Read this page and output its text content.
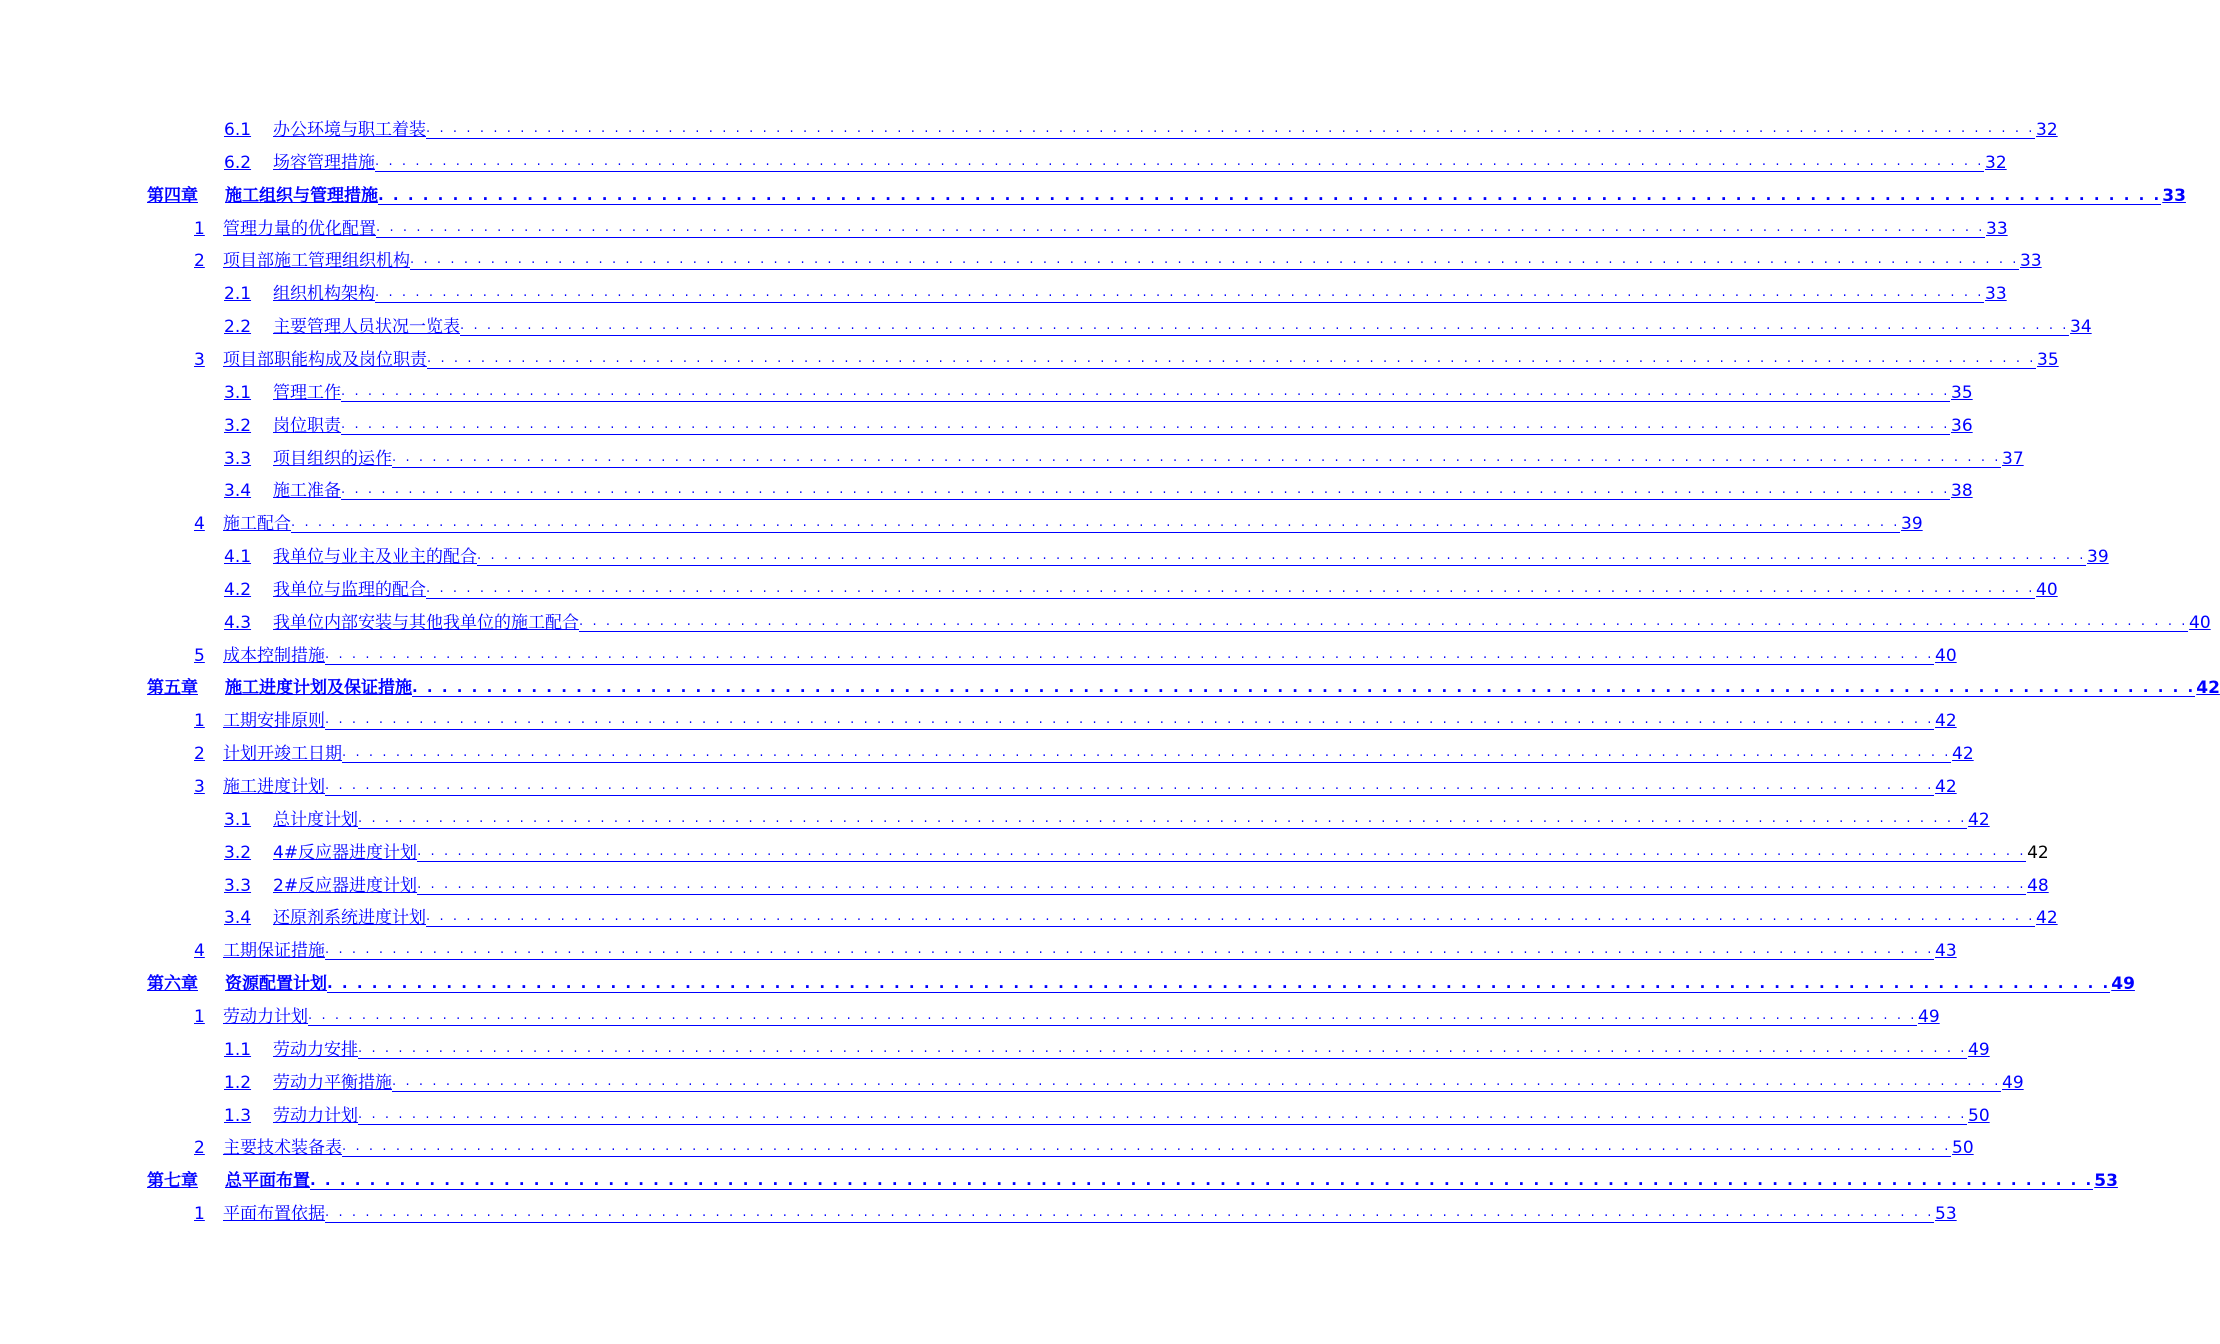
6.1	办公环境与职工着装 . . . . . . . . . . . . . . . . . . . . . . . . . . . . . . . . . . . . . . . . . . . . . . . . . . . . . . . . . . . . . . . . . . . . . . . . . . . . . . . . . . . . . . . . . . . . . . . . . . . . . . . . . . . . . . . . . . . . . . . . 32
6.2	场容管理措施 . . . . . . . . . . . . . . . . . . . . . . . . . . . . . . . . . . . . . . . . . . . . . . . . . . . . . . . . . . . . . . . . . . . . . . . . . . . . . . . . . . . . . . . . . . . . . . . . . . . . . . . . . . . . . . . . . . . . . . . . 32
第四章	施工组织与管理措施 . . . . . . . . . . . . . . . . . . . . . . . . . . . . . . . . . . . . . . . . . . . . . . . . . . . . . . . . . . . . . . . . . . . . . . . . . . . . . . . . . . . . . . . . . . . . . . . . . . . . . . . . . . . . . . . . . . . . . . . . 33
1	管理力量的优化配置 . . . . . . . . . . . . . . . . . . . . . . . . . . . . . . . . . . . . . . . . . . . . . . . . . . . . . . . . . . . . . . . . . . . . . . . . . . . . . . . . . . . . . . . . . . . . . . . . . . . . . . . . . . . . . . . . . . . . . . . . 33
2	项目部施工管理组织机构 . . . . . . . . . . . . . . . . . . . . . . . . . . . . . . . . . . . . . . . . . . . . . . . . . . . . . . . . . . . . . . . . . . . . . . . . . . . . . . . . . . . . . . . . . . . . . . . . . . . . . . . . . . . . . . . . . . . . . . . . 33
2.1	组织机构架构 . . . . . . . . . . . . . . . . . . . . . . . . . . . . . . . . . . . . . . . . . . . . . . . . . . . . . . . . . . . . . . . . . . . . . . . . . . . . . . . . . . . . . . . . . . . . . . . . . . . . . . . . . . . . . . . . . . . . . . . . 33
2.2	主要管理人员状况一览表 . . . . . . . . . . . . . . . . . . . . . . . . . . . . . . . . . . . . . . . . . . . . . . . . . . . . . . . . . . . . . . . . . . . . . . . . . . . . . . . . . . . . . . . . . . . . . . . . . . . . . . . . . . . . . . . . . . . . . . . . 34
3	项目部职能构成及岗位职责 . . . . . . . . . . . . . . . . . . . . . . . . . . . . . . . . . . . . . . . . . . . . . . . . . . . . . . . . . . . . . . . . . . . . . . . . . . . . . . . . . . . . . . . . . . . . . . . . . . . . . . . . . . . . . . . . . . . . . . . . 35
3.1	管理工作 . . . . . . . . . . . . . . . . . . . . . . . . . . . . . . . . . . . . . . . . . . . . . . . . . . . . . . . . . . . . . . . . . . . . . . . . . . . . . . . . . . . . . . . . . . . . . . . . . . . . . . . . . . . . . . . . . . . . . . . . 35
3.2	岗位职责 . . . . . . . . . . . . . . . . . . . . . . . . . . . . . . . . . . . . . . . . . . . . . . . . . . . . . . . . . . . . . . . . . . . . . . . . . . . . . . . . . . . . . . . . . . . . . . . . . . . . . . . . . . . . . . . . . . . . . . . . 36
3.3	项目组织的运作 . . . . . . . . . . . . . . . . . . . . . . . . . . . . . . . . . . . . . . . . . . . . . . . . . . . . . . . . . . . . . . . . . . . . . . . . . . . . . . . . . . . . . . . . . . . . . . . . . . . . . . . . . . . . . . . . . . . . . . . . 37
3.4	施工准备 . . . . . . . . . . . . . . . . . . . . . . . . . . . . . . . . . . . . . . . . . . . . . . . . . . . . . . . . . . . . . . . . . . . . . . . . . . . . . . . . . . . . . . . . . . . . . . . . . . . . . . . . . . . . . . . . . . . . . . . . 38
4	施工配合 . . . . . . . . . . . . . . . . . . . . . . . . . . . . . . . . . . . . . . . . . . . . . . . . . . . . . . . . . . . . . . . . . . . . . . . . . . . . . . . . . . . . . . . . . . . . . . . . . . . . . . . . . . . . . . . . . . . . . . . . 39
4.1	我单位与业主及业主的配合 . . . . . . . . . . . . . . . . . . . . . . . . . . . . . . . . . . . . . . . . . . . . . . . . . . . . . . . . . . . . . . . . . . . . . . . . . . . . . . . . . . . . . . . . . . . . . . . . . . . . . . . . . . . . . . . . . . . . . . . . 39
4.2	我单位与监理的配合 . . . . . . . . . . . . . . . . . . . . . . . . . . . . . . . . . . . . . . . . . . . . . . . . . . . . . . . . . . . . . . . . . . . . . . . . . . . . . . . . . . . . . . . . . . . . . . . . . . . . . . . . . . . . . . . . . . . . . . . . 40
4.3	我单位内部安装与其他我单位的施工配合 . . . . . . . . . . . . . . . . . . . . . . . . . . . . . . . . . . . . . . . . . . . . . . . . . . . . . . . . . . . . . . . . . . . . . . . . . . . . . . . . . . . . . . . . . . . . . . . . . . . . . . . . . . . . . . . . . . . . . . . . 40
5	成本控制措施 . . . . . . . . . . . . . . . . . . . . . . . . . . . . . . . . . . . . . . . . . . . . . . . . . . . . . . . . . . . . . . . . . . . . . . . . . . . . . . . . . . . . . . . . . . . . . . . . . . . . . . . . . . . . . . . . . . . . . . . . 40
第五章	施工进度计划及保证措施 . . . . . . . . . . . . . . . . . . . . . . . . . . . . . . . . . . . . . . . . . . . . . . . . . . . . . . . . . . . . . . . . . . . . . . . . . . . . . . . . . . . . . . . . . . . . . . . . . . . . . . . . . . . . . . . . . . . . . . . . 42
1	工期安排原则 . . . . . . . . . . . . . . . . . . . . . . . . . . . . . . . . . . . . . . . . . . . . . . . . . . . . . . . . . . . . . . . . . . . . . . . . . . . . . . . . . . . . . . . . . . . . . . . . . . . . . . . . . . . . . . . . . . . . . . . . 42
2	计划开竣工日期 . . . . . . . . . . . . . . . . . . . . . . . . . . . . . . . . . . . . . . . . . . . . . . . . . . . . . . . . . . . . . . . . . . . . . . . . . . . . . . . . . . . . . . . . . . . . . . . . . . . . . . . . . . . . . . . . . . . . . . . . 42
3	施工进度计划 . . . . . . . . . . . . . . . . . . . . . . . . . . . . . . . . . . . . . . . . . . . . . . . . . . . . . . . . . . . . . . . . . . . . . . . . . . . . . . . . . . . . . . . . . . . . . . . . . . . . . . . . . . . . . . . . . . . . . . . . 42
3.1	总计度计划 . . . . . . . . . . . . . . . . . . . . . . . . . . . . . . . . . . . . . . . . . . . . . . . . . . . . . . . . . . . . . . . . . . . . . . . . . . . . . . . . . . . . . . . . . . . . . . . . . . . . . . . . . . . . . . . . . . . . . . . . 42
3.2	4#反应器进度计划 . . . . . . . . . . . . . . . . . . . . . . . . . . . . . . . . . . . . . . . . . . . . . . . . . . . . . . . . . . . . . . . . . . . . . . . . . . . . . . . . . . . . . . . . . . . . . . . . . . . . . . . . . . . . . . . . . . . . . . . . 42
3.3	2#反应器进度计划 . . . . . . . . . . . . . . . . . . . . . . . . . . . . . . . . . . . . . . . . . . . . . . . . . . . . . . . . . . . . . . . . . . . . . . . . . . . . . . . . . . . . . . . . . . . . . . . . . . . . . . . . . . . . . . . . . . . . . . . . 48
3.4	还原剂系统进度计划 . . . . . . . . . . . . . . . . . . . . . . . . . . . . . . . . . . . . . . . . . . . . . . . . . . . . . . . . . . . . . . . . . . . . . . . . . . . . . . . . . . . . . . . . . . . . . . . . . . . . . . . . . . . . . . . . . . . . . . . . 42
4	工期保证措施 . . . . . . . . . . . . . . . . . . . . . . . . . . . . . . . . . . . . . . . . . . . . . . . . . . . . . . . . . . . . . . . . . . . . . . . . . . . . . . . . . . . . . . . . . . . . . . . . . . . . . . . . . . . . . . . . . . . . . . . . 43
第六章	资源配置计划 . . . . . . . . . . . . . . . . . . . . . . . . . . . . . . . . . . . . . . . . . . . . . . . . . . . . . . . . . . . . . . . . . . . . . . . . . . . . . . . . . . . . . . . . . . . . . . . . . . . . . . . . . . . . . . . . . . . . . . . . 49
1	劳动力计划 . . . . . . . . . . . . . . . . . . . . . . . . . . . . . . . . . . . . . . . . . . . . . . . . . . . . . . . . . . . . . . . . . . . . . . . . . . . . . . . . . . . . . . . . . . . . . . . . . . . . . . . . . . . . . . . . . . . . . . . . 49
1.1	劳动力安排 . . . . . . . . . . . . . . . . . . . . . . . . . . . . . . . . . . . . . . . . . . . . . . . . . . . . . . . . . . . . . . . . . . . . . . . . . . . . . . . . . . . . . . . . . . . . . . . . . . . . . . . . . . . . . . . . . . . . . . . . 49
1.2	劳动力平衡措施 . . . . . . . . . . . . . . . . . . . . . . . . . . . . . . . . . . . . . . . . . . . . . . . . . . . . . . . . . . . . . . . . . . . . . . . . . . . . . . . . . . . . . . . . . . . . . . . . . . . . . . . . . . . . . . . . . . . . . . . . 49
1.3	劳动力计划 . . . . . . . . . . . . . . . . . . . . . . . . . . . . . . . . . . . . . . . . . . . . . . . . . . . . . . . . . . . . . . . . . . . . . . . . . . . . . . . . . . . . . . . . . . . . . . . . . . . . . . . . . . . . . . . . . . . . . . . . 50
2	主要技术装备表 . . . . . . . . . . . . . . . . . . . . . . . . . . . . . . . . . . . . . . . . . . . . . . . . . . . . . . . . . . . . . . . . . . . . . . . . . . . . . . . . . . . . . . . . . . . . . . . . . . . . . . . . . . . . . . . . . . . . . . . . 50
第七章	总平面布置 . . . . . . . . . . . . . . . . . . . . . . . . . . . . . . . . . . . . . . . . . . . . . . . . . . . . . . . . . . . . . . . . . . . . . . . . . . . . . . . . . . . . . . . . . . . . . . . . . . . . . . . . . . . . . . . . . . . . . . . . 53
1	平面布置依据 . . . . . . . . . . . . . . . . . . . . . . . . . . . . . . . . . . . . . . . . . . . . . . . . . . . . . . . . . . . . . . . . . . . . . . . . . . . . . . . . . . . . . . . . . . . . . . . . . . . . . . . . . . . . . . . . . . . . . . . . 53
